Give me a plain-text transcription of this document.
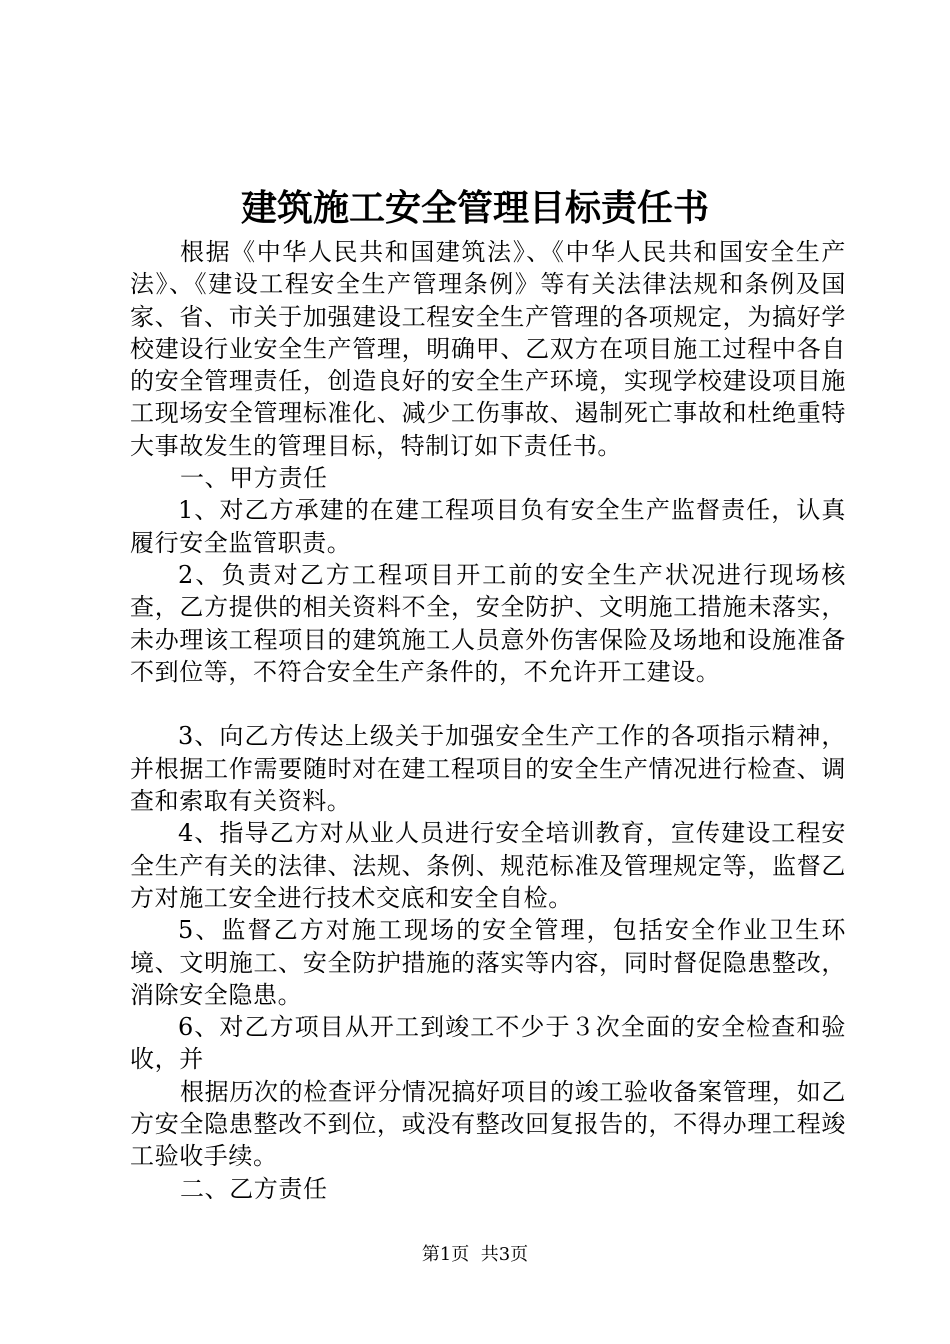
建筑施工安全管理目标责任书

根据《中华人民共和国建筑法》、《中华人民共和国安全生产法》、《建设工程安全生产管理条例》等有关法律法规和条例及国家、省、市关于加强建设工程安全生产管理的各项规定，为搞好学校建设行业安全生产管理，明确甲、乙双方在项目施工过程中各自的安全管理责任，创造良好的安全生产环境，实现学校建设项目施工现场安全管理标准化、减少工伤事故、遏制死亡事故和杜绝重特大事故发生的管理目标，特制订如下责任书。

一、甲方责任

1、对乙方承建的在建工程项目负有安全生产监督责任，认真履行安全监管职责。

2、负责对乙方工程项目开工前的安全生产状况进行现场核查，乙方提供的相关资料不全，安全防护、文明施工措施未落实，未办理该工程项目的建筑施工人员意外伤害保险及场地和设施准备不到位等，不符合安全生产条件的，不允许开工建设。

3、向乙方传达上级关于加强安全生产工作的各项指示精神，并根据工作需要随时对在建工程项目的安全生产情况进行检查、调查和索取有关资料。

4、指导乙方对从业人员进行安全培训教育，宣传建设工程安全生产有关的法律、法规、条例、规范标准及管理规定等，监督乙方对施工安全进行技术交底和安全自检。

5、监督乙方对施工现场的安全管理，包括安全作业卫生环境、文明施工、安全防护措施的落实等内容，同时督促隐患整改，消除安全隐患。

6、对乙方项目从开工到竣工不少于３次全面的安全检查和验收，并

根据历次的检查评分情况搞好项目的竣工验收备案管理，如乙方安全隐患整改不到位，或没有整改回复报告的，不得办理工程竣工验收手续。

二、乙方责任

第1页  共3页
